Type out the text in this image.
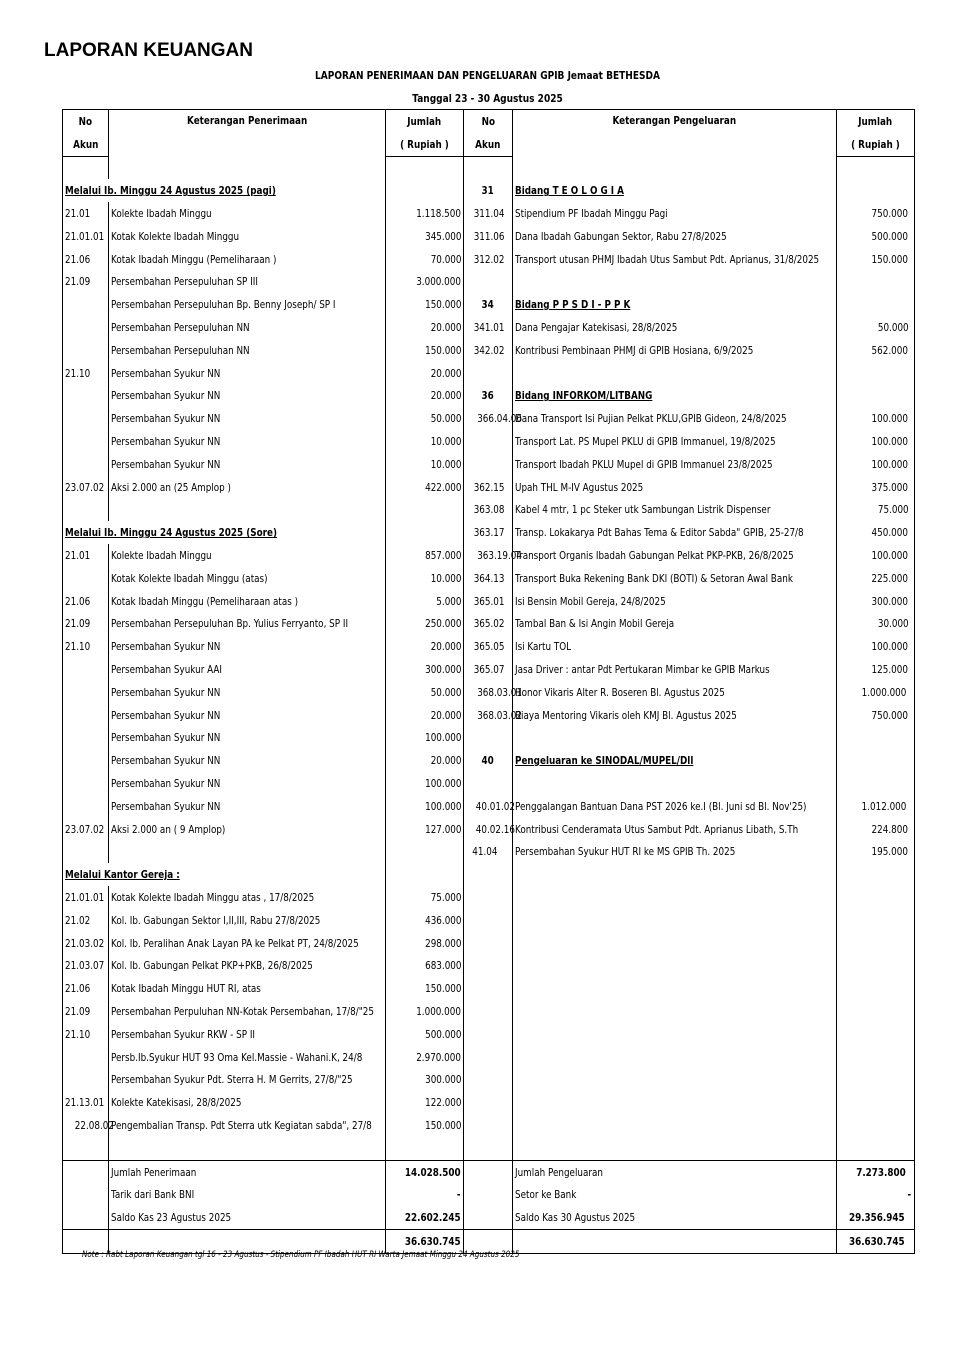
LAPORAN KEUANGAN
LAPORAN PENERIMAAN DAN PENGELUARAN GPIB Jemaat BETHESDA
Tanggal 23 - 30 Agustus 2025
No	Keterangan Penerimaan	Jumlah	No	Keterangan Pengeluaran	Jumlah
Akun		( Rupiah )	Akun		( Rupiah )

Melalui Ib. Minggu 24 Agustus 2025 (pagi)			31	Bidang T E O L O G I A	
21.01	Kolekte Ibadah Minggu	1.118.500	311.04	Stipendium PF Ibadah Minggu Pagi	750.000
21.01.01	Kotak Kolekte Ibadah Minggu	345.000	311.06	Dana Ibadah Gabungan Sektor, Rabu 27/8/2025	500.000
21.06	Kotak Ibadah Minggu (Pemeliharaan )	70.000	312.02	Transport utusan PHMJ Ibadah Utus Sambut Pdt. Aprianus, 31/8/2025	150.000
21.09	Persembahan Persepuluhan SP III	3.000.000			
	Persembahan Persepuluhan Bp. Benny Joseph/ SP I	150.000	34	Bidang P P S D I - P P K	
	Persembahan Persepuluhan NN	20.000	341.01	Dana Pengajar Katekisasi, 28/8/2025	50.000
	Persembahan Persepuluhan NN	150.000	342.02	Kontribusi Pembinaan PHMJ di GPIB Hosiana, 6/9/2025	562.000
21.10	Persembahan Syukur NN	20.000			
	Persembahan Syukur NN	20.000	36	Bidang INFORKOM/LITBANG	
	Persembahan Syukur NN	50.000	366.04.06	Dana Transport Isi Pujian Pelkat PKLU,GPIB Gideon, 24/8/2025	100.000
	Persembahan Syukur NN	10.000		Transport Lat. PS Mupel PKLU di GPIB Immanuel, 19/8/2025	100.000
	Persembahan Syukur NN	10.000		Transport Ibadah PKLU Mupel di GPIB Immanuel 23/8/2025	100.000
23.07.02	Aksi 2.000 an (25 Amplop )	422.000	362.15	Upah THL M-IV Agustus 2025	375.000
			363.08	Kabel 4 mtr, 1 pc Steker utk Sambungan Listrik Dispenser	75.000
Melalui Ib. Minggu 24 Agustus 2025 (Sore)			363.17	Transp. Lokakarya Pdt Bahas Tema & Editor Sabda" GPIB, 25-27/8	450.000
21.01	Kolekte Ibadah Minggu	857.000	363.19.04	Transport Organis Ibadah Gabungan Pelkat PKP-PKB, 26/8/2025	100.000
	Kotak Kolekte Ibadah Minggu (atas)	10.000	364.13	Transport Buka Rekening Bank DKI (BOTI) & Setoran Awal Bank	225.000
21.06	Kotak Ibadah Minggu (Pemeliharaan atas )	5.000	365.01	Isi Bensin Mobil Gereja, 24/8/2025	300.000
21.09	Persembahan Persepuluhan Bp. Yulius Ferryanto, SP II	250.000	365.02	Tambal Ban & Isi Angin Mobil Gereja	30.000
21.10	Persembahan Syukur NN	20.000	365.05	Isi Kartu TOL	100.000
	Persembahan Syukur AAI	300.000	365.07	Jasa Driver : antar Pdt Pertukaran Mimbar ke GPIB Markus	125.000
	Persembahan Syukur NN	50.000	368.03.01	Honor Vikaris Alter R. Boseren Bl. Agustus 2025	1.000.000
	Persembahan Syukur NN	20.000	368.03.02	Biaya Mentoring Vikaris oleh KMJ Bl. Agustus 2025	750.000
	Persembahan Syukur NN	100.000			
	Persembahan Syukur NN	20.000	40	Pengeluaran ke SINODAL/MUPEL/Dll	
	Persembahan Syukur NN	100.000			
	Persembahan Syukur NN	100.000	40.01.02	Penggalangan Bantuan Dana PST 2026 ke.I (Bl. Juni sd Bl. Nov'25)	1.012.000
23.07.02	Aksi 2.000 an ( 9 Amplop)	127.000	40.02.16	Kontribusi Cenderamata Utus Sambut Pdt. Aprianus Libath, S.Th	224.800
			41.04	Persembahan Syukur HUT RI ke MS GPIB Th. 2025	195.000
Melalui Kantor Gereja :					
21.01.01	Kotak Kolekte Ibadah Minggu atas , 17/8/2025	75.000			
21.02	Kol. Ib. Gabungan Sektor I,II,III, Rabu 27/8/2025	436.000			
21.03.02	Kol. Ib. Peralihan Anak Layan PA ke Pelkat PT, 24/8/2025	298.000			
21.03.07	Kol. Ib. Gabungan Pelkat PKP+PKB, 26/8/2025	683.000			
21.06	Kotak Ibadah Minggu HUT RI, atas	150.000			
21.09	Persembahan Perpuluhan NN-Kotak Persembahan, 17/8/"25	1.000.000			
21.10	Persembahan Syukur RKW - SP II	500.000			
	Persb.Ib.Syukur HUT 93 Oma Kel.Massie - Wahani.K, 24/8	2.970.000			
	Persembahan Syukur Pdt. Sterra H. M Gerrits, 27/8/"25	300.000			
21.13.01	Kolekte Katekisasi, 28/8/2025	122.000			
22.08.02	Pengembalian Transp. Pdt Sterra utk Kegiatan sabda", 27/8	150.000			

	Jumlah Penerimaan	14.028.500		Jumlah Pengeluaran	7.273.800
	Tarik dari Bank BNI	-		Setor ke Bank	-
	Saldo Kas 23 Agustus 2025	22.602.245		Saldo Kas 30 Agustus 2025	29.356.945
		36.630.745			36.630.745
Note : Rabt Laporan Keuangan tgl 16 - 23 Agustus - Stipendium PF Ibadah HUT RI Warta Jemaat Minggu 24 Agustus 2025
